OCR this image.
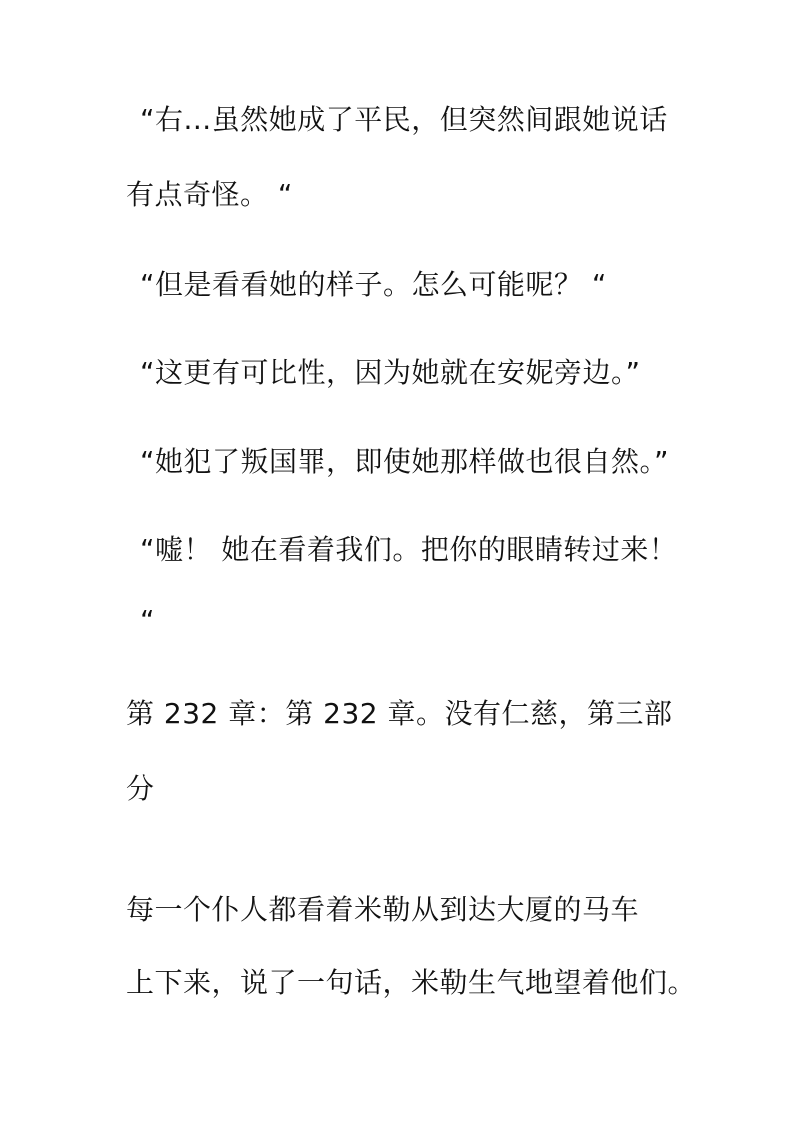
“右...虽然她成了平民，但突然间跟她说话
有点奇怪。 “
“但是看看她的样子。怎么可能呢？ “
“这更有可比性，因为她就在安妮旁边。”
“她犯了叛国罪，即使她那样做也很自然。”
“嘘！ 她在看着我们。把你的眼睛转过来！
“
第 232 章：第 232 章。没有仁慈，第三部
分
每一个仆人都看着米勒从到达大厦的马车
上下来，说了一句话，米勒生气地望着他们。
